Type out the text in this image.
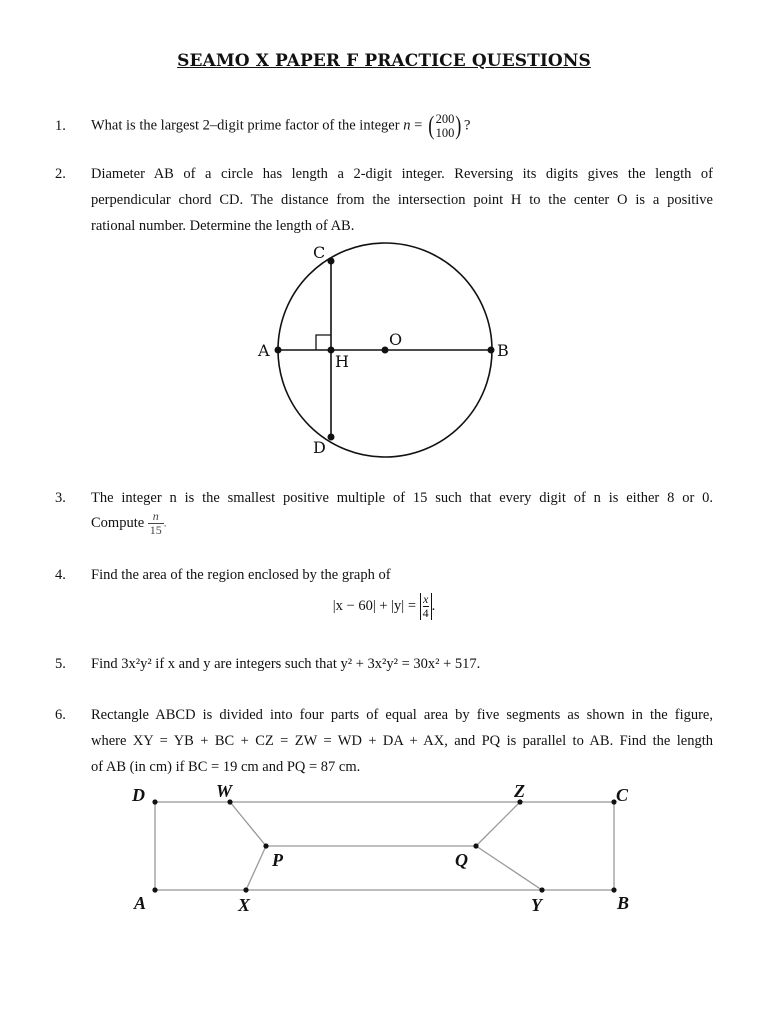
SEAMO X PAPER F PRACTICE QUESTIONS
1. What is the largest 2–digit prime factor of the integer n = ( 200
100 ) ?
2. Diameter AB of a circle has length a 2-digit integer. Reversing its digits gives the length of
perpendicular chord CD. The distance from the intersection point H to the center O is a positive
rational number. Determine the length of AB.
C
A
O
B
H
D
3. The integer n is the smallest positive multiple of 15 such that every digit of n is either 8 or 0.
Compute $\frac{n}{15}$ .
4. Find the area of the region enclosed by the graph of
$|x - 60| + |y| = \frac{x}{4}$ .
5. Find 3x²y² if x and y are integers such that y² + 3x²y² = 30x² + 517.
6. Rectangle ABCD is divided into four parts of equal area by five segments as shown in the figure,
where XY = YB + BC + CZ = ZW = WD + DA + AX, and PQ is parallel to AB. Find the length
of AB (in cm) if BC = 19 cm and PQ = 87 cm.
D	W	Z	C
P	Q
A	X	Y	B
